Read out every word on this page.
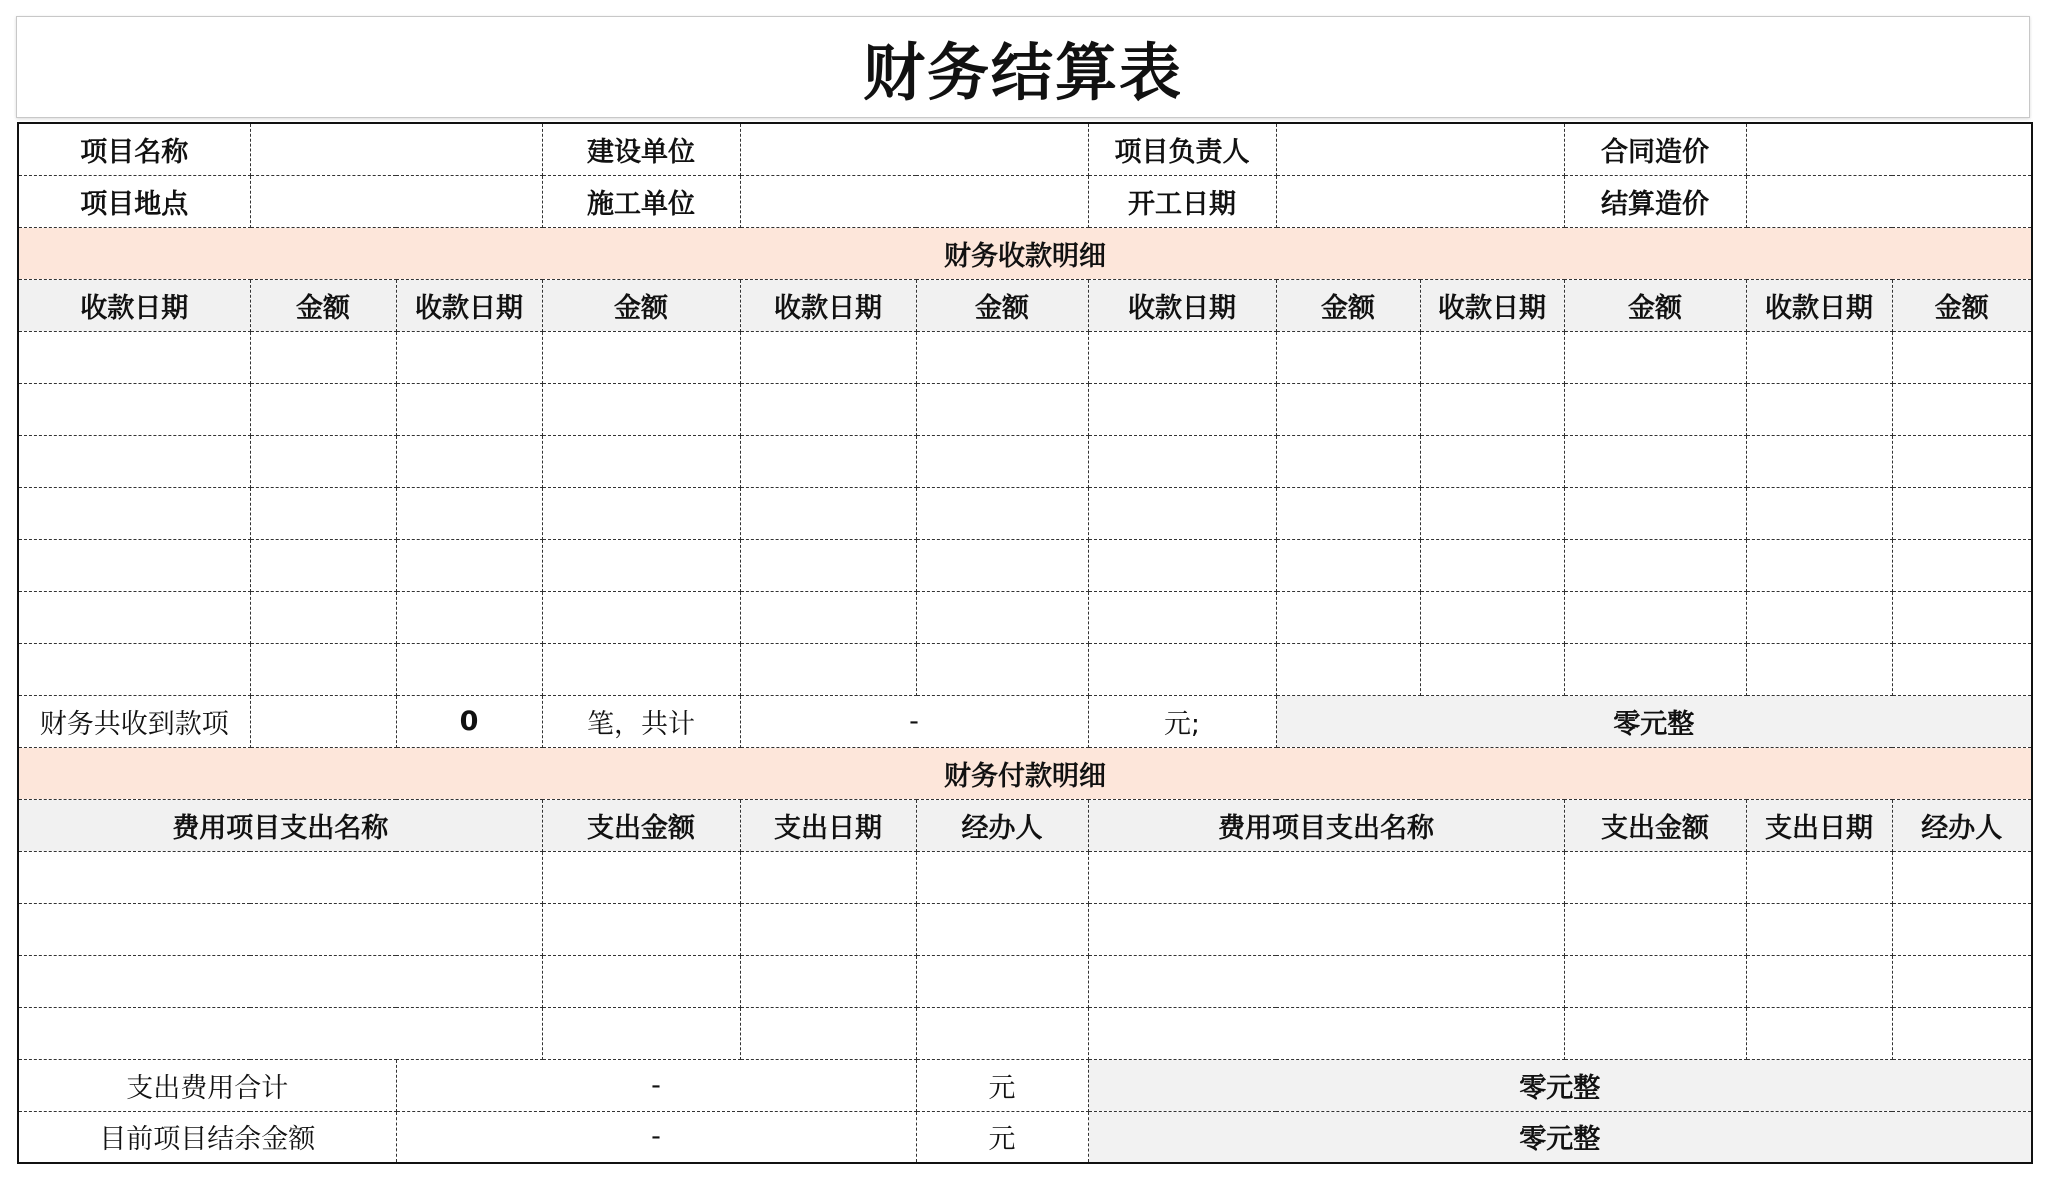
财务结算表
项目名称			建设单位			项目负责人			合同造价		
项目地点			施工单位			开工日期			结算造价		
财务收款明细											
收款日期	金额	收款日期	金额	收款日期	金额	收款日期	金额	收款日期	金额	收款日期	金额

财务共收到款项		0	笔，共计	-		元;	零元整				
财务付款明细											
费用项目支出名称			支出金额	支出日期	经办人	费用项目支出名称			支出金额	支出日期	经办人

支出费用合计		-			元	零元整					
目前项目结余金额		-			元	零元整					
